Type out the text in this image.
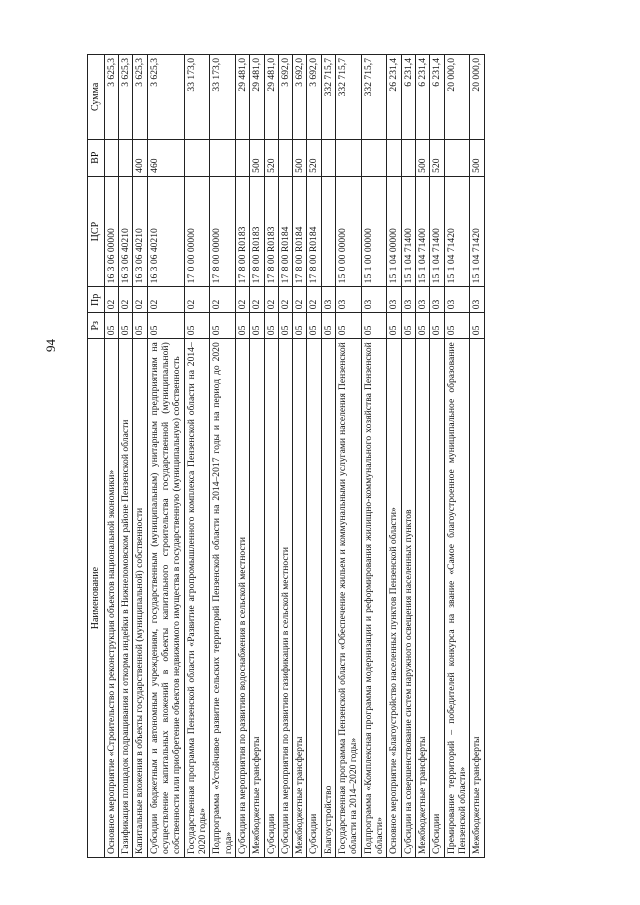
94
Наименование	Рз	Пр	ЦСР	ВР	Сумма
Основное мероприятие «Строительство и реконструкция объектов национальной экономики»	05	02	16 3 06 00000		3 625,3
Газификация площадок подращивания и откорма индейки в Нижнеломовском районе Пензенской области	05	02	16 3 06 40210		3 625,3
Капитальные вложения в объекты государственной (муниципальной) собственности	05	02	16 3 06 40210	400	3 625,3
Субсидии бюджетным и автономным учреждениям, государственным (муниципальным) унитарным предприятиям на осуществление капитальных вложений в объекты капитального строительства государственной (муниципальной) собственности или приобретение объектов недвижимого имущества в государственную (муниципальную) собственность	05	02	16 3 06 40210	460	3 625,3
Государственная программа Пензенской области «Развитие агропромышленного комплекса Пензенской области на 2014–2020 годы»	05	02	17 0 00 00000		33 173,0
Подпрограмма «Устойчивое развитие сельских территорий Пензенской области на 2014–2017 годы и на период до 2020 года»	05	02	17 8 00 00000		33 173,0
Субсидии на мероприятия по развитию водоснабжения в сельской местности	05	02	17 8 00 R0183		29 481,0
Межбюджетные трансферты	05	02	17 8 00 R0183	500	29 481,0
Субсидии	05	02	17 8 00 R0183	520	29 481,0
Субсидии на мероприятия по развитию газификации в сельской местности	05	02	17 8 00 R0184		3 692,0
Межбюджетные трансферты	05	02	17 8 00 R0184	500	3 692,0
Субсидии	05	02	17 8 00 R0184	520	3 692,0
Благоустройство	05	03			332 715,7
Государственная программа Пензенской области «Обеспечение жильем и коммунальными услугами населения Пензенской области на 2014–2020 годы»	05	03	15 0 00 00000		332 715,7
Подпрограмма «Комплексная программа модернизации и реформирования жилищно-коммунального хозяйства Пензенской области»	05	03	15 1 00 00000		332 715,7
Основное мероприятие «Благоустройство населенных пунктов Пензенской области»	05	03	15 1 04 00000		26 231,4
Субсидии на совершенствование систем наружного освещения населенных пунктов	05	03	15 1 04 71400		6 231,4
Межбюджетные трансферты	05	03	15 1 04 71400	500	6 231,4
Субсидии	05	03	15 1 04 71400	520	6 231,4
Премирование территорий – победителей конкурса на звание «Самое благоустроенное муниципальное образование Пензенской области»	05	03	15 1 04 71420		20 000,0
Межбюджетные трансферты	05	03	15 1 04 71420	500	20 000,0
